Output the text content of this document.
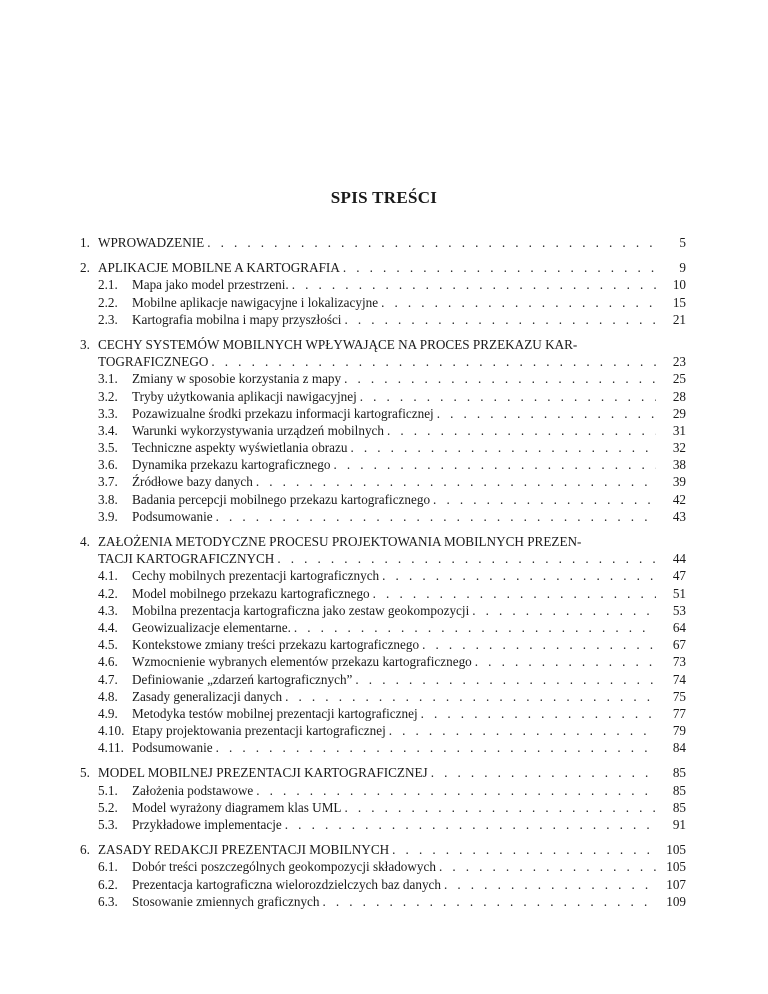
SPIS TREŚCI
1. WPROWADZENIE . . .	5
2. APLIKACJE MOBILNE A KARTOGRAFIA . . .	9
2.1. Mapa jako model przestrzeni. . . .	10
2.2. Mobilne aplikacje nawigacyjne i lokalizacyjne . . .	15
2.3. Kartografia mobilna i mapy przyszłości . . .	21
3. CECHY SYSTEMÓW MOBILNYCH WPŁYWAJĄCE NA PROCES PRZEKAZU KAR-
TOGRAFICZNEGO . . .	23
3.1. Zmiany w sposobie korzystania z mapy . . .	25
3.2. Tryby użytkowania aplikacji nawigacyjnej . . .	28
3.3. Pozawizualne środki przekazu informacji kartograficznej . . .	29
3.4. Warunki wykorzystywania urządzeń mobilnych . . .	31
3.5. Techniczne aspekty wyświetlania obrazu . . .	32
3.6. Dynamika przekazu kartograficznego . . .	38
3.7. Źródłowe bazy danych . . .	39
3.8. Badania percepcji mobilnego przekazu kartograficznego . . .	42
3.9. Podsumowanie . . .	43
4. ZAŁOŻENIA METODYCZNE PROCESU PROJEKTOWANIA MOBILNYCH PREZEN-
TACJI KARTOGRAFICZNYCH . . .	44
4.1. Cechy mobilnych prezentacji kartograficznych . . .	47
4.2. Model mobilnego przekazu kartograficznego . . .	51
4.3. Mobilna prezentacja kartograficzna jako zestaw geokompozycji . . .	53
4.4. Geowizualizacje elementarne. . . .	64
4.5. Kontekstowe zmiany treści przekazu kartograficznego . . .	67
4.6. Wzmocnienie wybranych elementów przekazu kartograficznego . . .	73
4.7. Definiowanie „zdarzeń kartograficznych” . . .	74
4.8. Zasady generalizacji danych . . .	75
4.9. Metodyka testów mobilnej prezentacji kartograficznej . . .	77
4.10. Etapy projektowania prezentacji kartograficznej . . .	79
4.11. Podsumowanie . . .	84
5. MODEL MOBILNEJ PREZENTACJI KARTOGRAFICZNEJ . . .	85
5.1. Założenia podstawowe . . .	85
5.2. Model wyrażony diagramem klas UML . . .	85
5.3. Przykładowe implementacje . . .	91
6. ZASADY REDAKCJI PREZENTACJI MOBILNYCH . . .	105
6.1. Dobór treści poszczególnych geokompozycji składowych . . .	105
6.2. Prezentacja kartograficzna wielorozdzielczych baz danych . . .	107
6.3. Stosowanie zmiennych graficznych . . .	109
